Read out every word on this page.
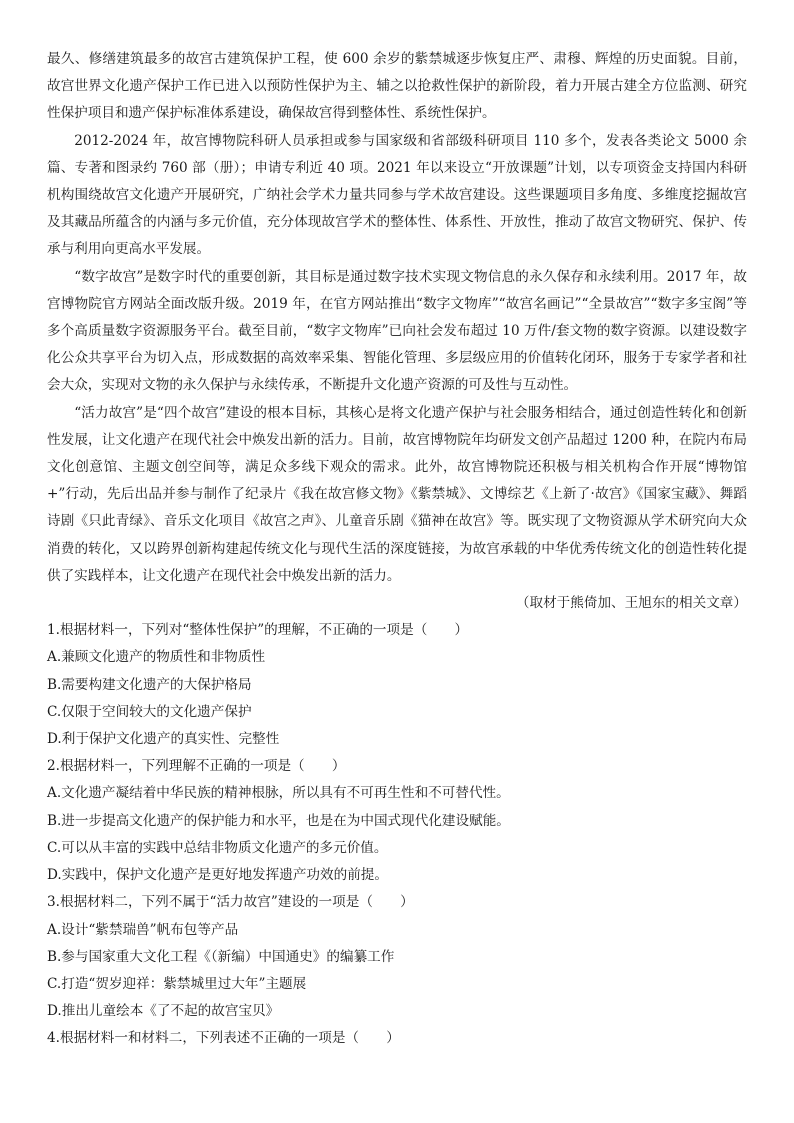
最久、修缮建筑最多的故宫古建筑保护工程，使 600 余岁的紫禁城逐步恢复庄严、肃穆、辉煌的历史面貌。目前，故宫世界文化遗产保护工作已进入以预防性保护为主、辅之以抢救性保护的新阶段，着力开展古建全方位监测、研究性保护项目和遗产保护标准体系建设，确保故宫得到整体性、系统性保护。

2012-2024 年，故宫博物院科研人员承担或参与国家级和省部级科研项目 110 多个，发表各类论文 5000 余篇、专著和图录约 760 部（册）；申请专利近 40 项。2021 年以来设立“开放课题”计划，以专项资金支持国内科研机构围绕故宫文化遗产开展研究，广纳社会学术力量共同参与学术故宫建设。这些课题项目多角度、多维度挖掘故宫及其藏品所蕴含的内涵与多元价值，充分体现故宫学术的整体性、体系性、开放性，推动了故宫文物研究、保护、传承与利用向更高水平发展。

“数字故宫”是数字时代的重要创新，其目标是通过数字技术实现文物信息的永久保存和永续利用。2017 年，故宫博物院官方网站全面改版升级。2019 年，在官方网站推出“数字文物库”“故宫名画记”“全景故宫”“数字多宝阁”等多个高质量数字资源服务平台。截至目前，“数字文物库”已向社会发布超过 10 万件/套文物的数字资源。以建设数字化公众共享平台为切入点，形成数据的高效率采集、智能化管理、多层级应用的价值转化闭环，服务于专家学者和社会大众，实现对文物的永久保护与永续传承，不断提升文化遗产资源的可及性与互动性。

“活力故宫”是“四个故宫”建设的根本目标，其核心是将文化遗产保护与社会服务相结合，通过创造性转化和创新性发展，让文化遗产在现代社会中焕发出新的活力。目前，故宫博物院年均研发文创产品超过 1200 种，在院内布局文化创意馆、主题文创空间等，满足众多线下观众的需求。此外，故宫博物院还积极与相关机构合作开展“博物馆+”行动，先后出品并参与制作了纪录片《我在故宫修文物》《紫禁城》、文博综艺《上新了·故宫》《国家宝藏》、舞蹈诗剧《只此青绿》、音乐文化项目《故宫之声》、儿童音乐剧《猫神在故宫》等。既实现了文物资源从学术研究向大众消费的转化，又以跨界创新构建起传统文化与现代生活的深度链接，为故宫承载的中华优秀传统文化的创造性转化提供了实践样本，让文化遗产在现代社会中焕发出新的活力。

（取材于熊倚加、王旭东的相关文章）

1.根据材料一，下列对“整体性保护”的理解，不正确的一项是（　　）

A.兼顾文化遗产的物质性和非物质性

B.需要构建文化遗产的大保护格局

C.仅限于空间较大的文化遗产保护

D.利于保护文化遗产的真实性、完整性

2.根据材料一，下列理解不正确的一项是（　　）

A.文化遗产凝结着中华民族的精神根脉，所以具有不可再生性和不可替代性。

B.进一步提高文化遗产的保护能力和水平，也是在为中国式现代化建设赋能。

C.可以从丰富的实践中总结非物质文化遗产的多元价值。

D.实践中，保护文化遗产是更好地发挥遗产功效的前提。

3.根据材料二，下列不属于“活力故宫”建设的一项是（　　）

A.设计“紫禁瑞兽”帆布包等产品

B.参与国家重大文化工程《（新编）中国通史》的编纂工作

C.打造“贺岁迎祥：紫禁城里过大年”主题展

D.推出儿童绘本《了不起的故宫宝贝》

4.根据材料一和材料二，下列表述不正确的一项是（　　）
